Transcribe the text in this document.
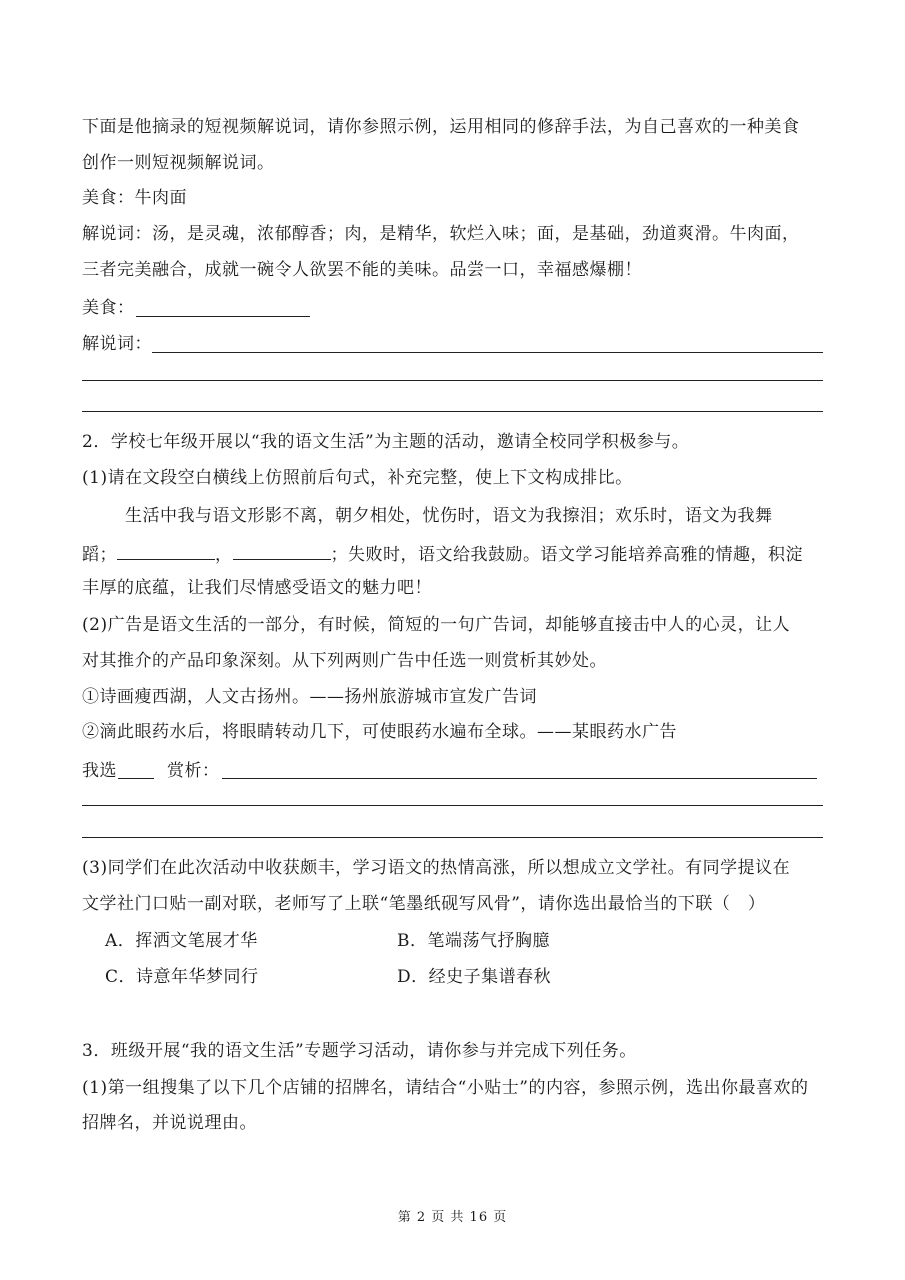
下面是他摘录的短视频解说词，请你参照示例，运用相同的修辞手法，为自己喜欢的一种美食
创作一则短视频解说词。
美食：牛肉面
解说词：汤，是灵魂，浓郁醇香；肉，是精华，软烂入味；面，是基础，劲道爽滑。牛肉面，
三者完美融合，成就一碗令人欲罢不能的美味。品尝一口，幸福感爆棚！
美食：
解说词：
2．学校七年级开展以“我的语文生活”为主题的活动，邀请全校同学积极参与。
(1)请在文段空白横线上仿照前后句式，补充完整，使上下文构成排比。
生活中我与语文形影不离，朝夕相处，忧伤时，语文为我擦泪；欢乐时，语文为我舞
蹈；	，	；失败时，语文给我鼓励。语文学习能培养高雅的情趣，积淀
丰厚的底蕴，让我们尽情感受语文的魅力吧！
(2)广告是语文生活的一部分，有时候，简短的一句广告词，却能够直接击中人的心灵，让人
对其推介的产品印象深刻。从下列两则广告中任选一则赏析其妙处。
①诗画瘦西湖，人文古扬州。——扬州旅游城市宣发广告词
②滴此眼药水后，将眼睛转动几下，可使眼药水遍布全球。——某眼药水广告
我选	赏析：
(3)同学们在此次活动中收获颇丰，学习语文的热情高涨，所以想成立文学社。有同学提议在
文学社门口贴一副对联，老师写了上联“笔墨纸砚写风骨”，请你选出最恰当的下联（　）
A．挥洒文笔展才华	B．笔端荡气抒胸臆
C．诗意年华梦同行	D．经史子集谱春秋
3．班级开展“我的语文生活”专题学习活动，请你参与并完成下列任务。
(1)第一组搜集了以下几个店铺的招牌名，请结合“小贴士”的内容，参照示例，选出你最喜欢的
招牌名，并说说理由。
第 2 页 共 16 页
